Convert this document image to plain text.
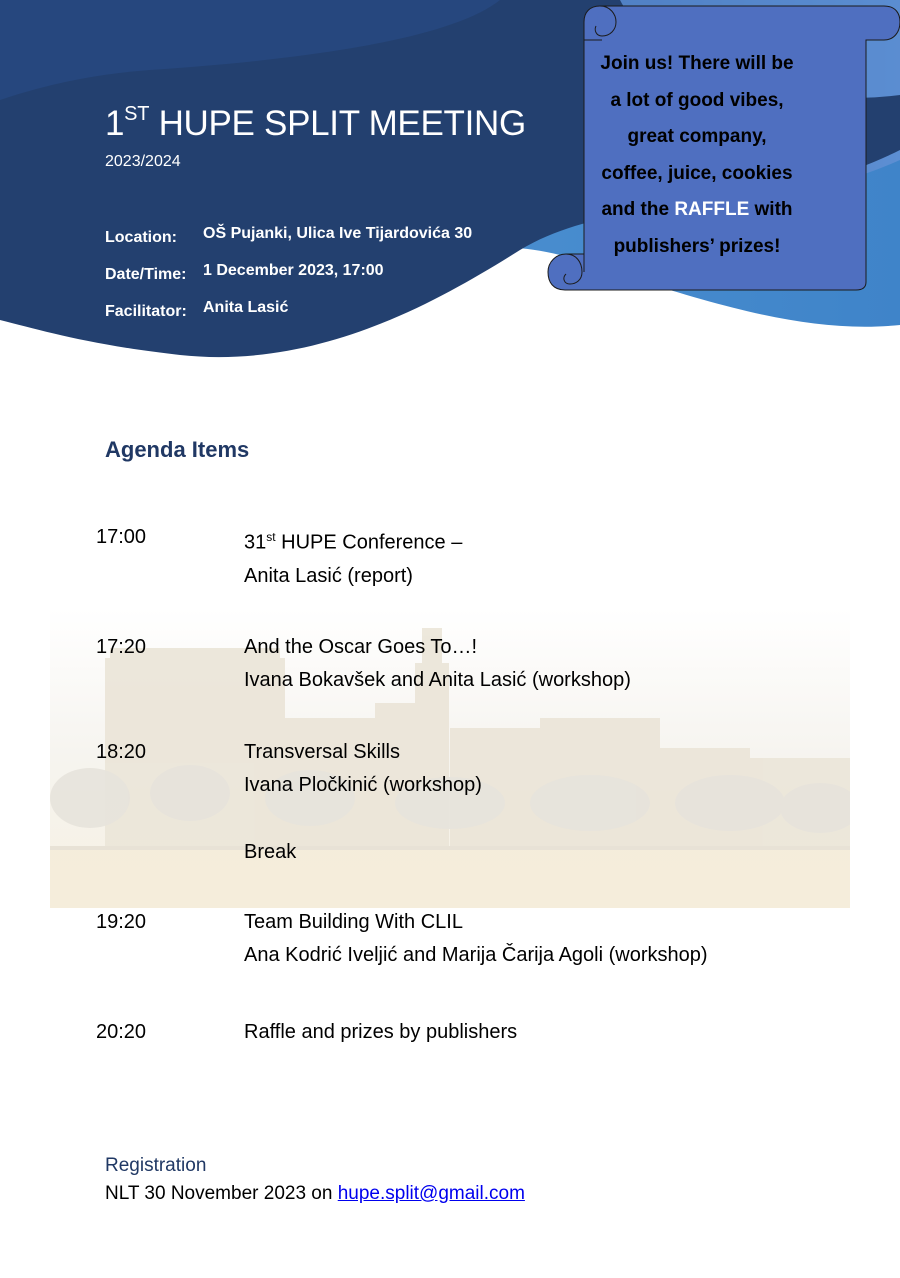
1ST HUPE SPLIT MEETING
2023/2024
Location: OŠ Pujanki, Ulica Ive Tijardovića 30
Date/Time: 1 December 2023, 17:00
Facilitator: Anita Lasić
Join us! There will be
a lot of good vibes,
great company,
coffee, juice, cookies
and the RAFFLE with
publishers’ prizes!
Agenda Items
17:00	31st HUPE Conference –
Anita Lasić (report)
17:20	And the Oscar Goes To…!
Ivana Bokavšek and Anita Lasić (workshop)
18:20	Transversal Skills
Ivana Pločkinić (workshop)
Break
19:20	Team Building With CLIL
Ana Kodrić Iveljić and Marija Čarija Agoli (workshop)
20:20	Raffle and prizes by publishers
Registration
NLT 30 November 2023 on hupe.split@gmail.com
